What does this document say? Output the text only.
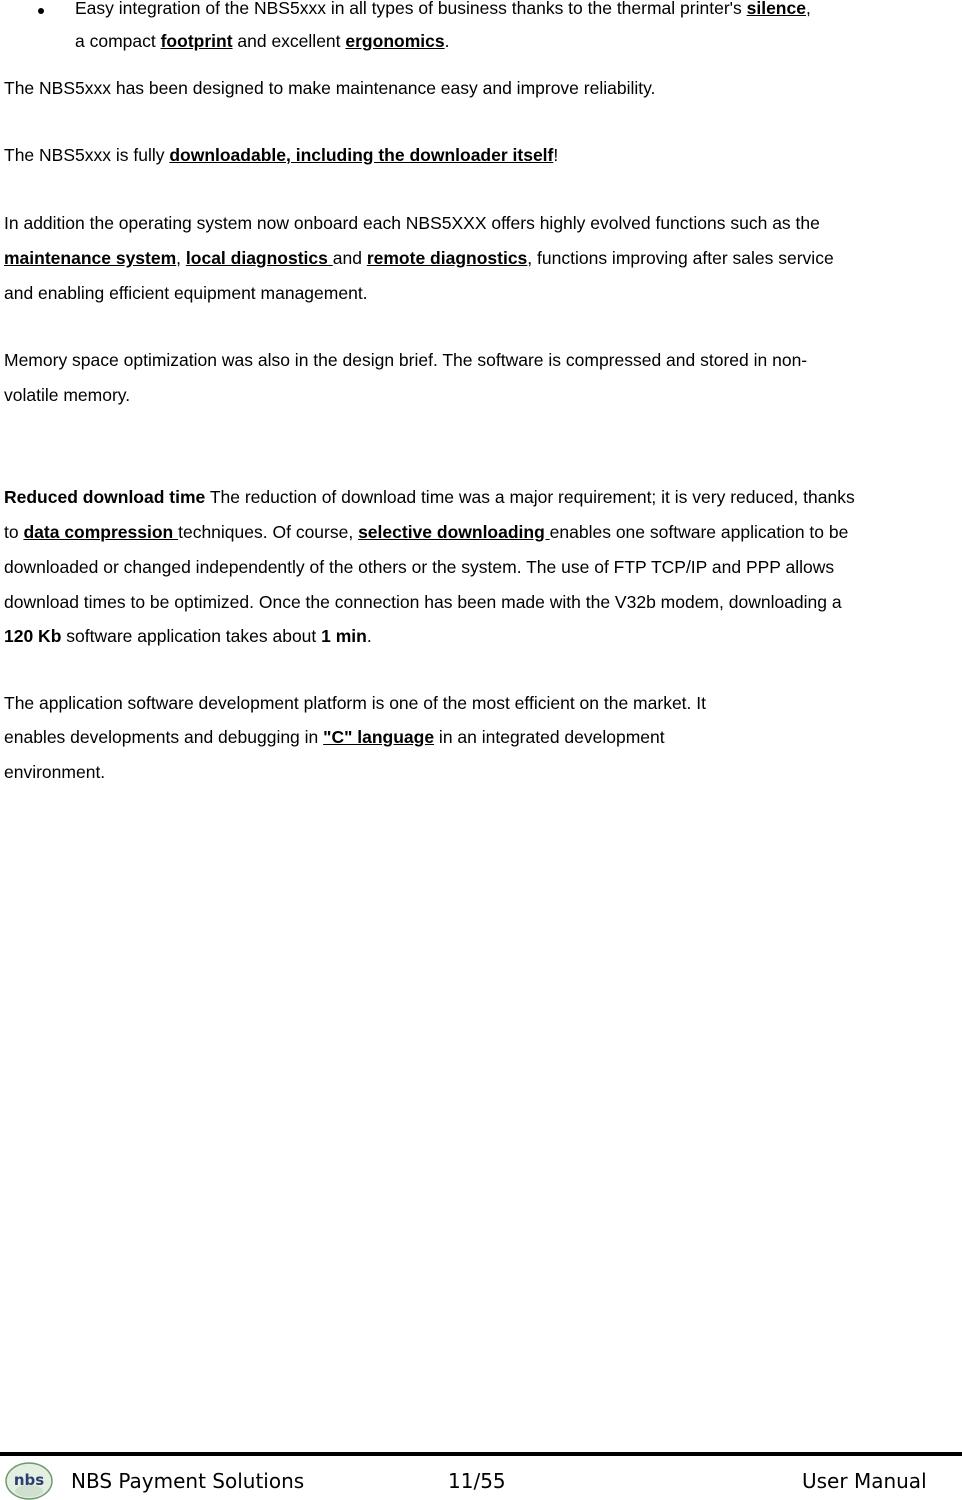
Easy integration of the NBS5xxx in all types of business thanks to the thermal printer's silence,
a compact footprint and excellent ergonomics.
The NBS5xxx has been designed to make maintenance easy and improve reliability.
The NBS5xxx is fully downloadable, including the downloader itself!
In addition the operating system now onboard each NBS5XXX offers highly evolved functions such as the
maintenance system, local diagnostics and remote diagnostics, functions improving after sales service
and enabling efficient equipment management.
Memory space optimization was also in the design brief. The software is compressed and stored in non-
volatile memory.
Reduced download time The reduction of download time was a major requirement; it is very reduced, thanks
to data compression techniques. Of course, selective downloading enables one software application to be
downloaded or changed independently of the others or the system. The use of FTP TCP/IP and PPP allows
download times to be optimized. Once the connection has been made with the V32b modem, downloading a
120 Kb software application takes about 1 min.
The application software development platform is one of the most efficient on the market. It
enables developments and debugging in "C" language in an integrated development
environment.
nbs NBS Payment Solutions	11/55	User Manual
